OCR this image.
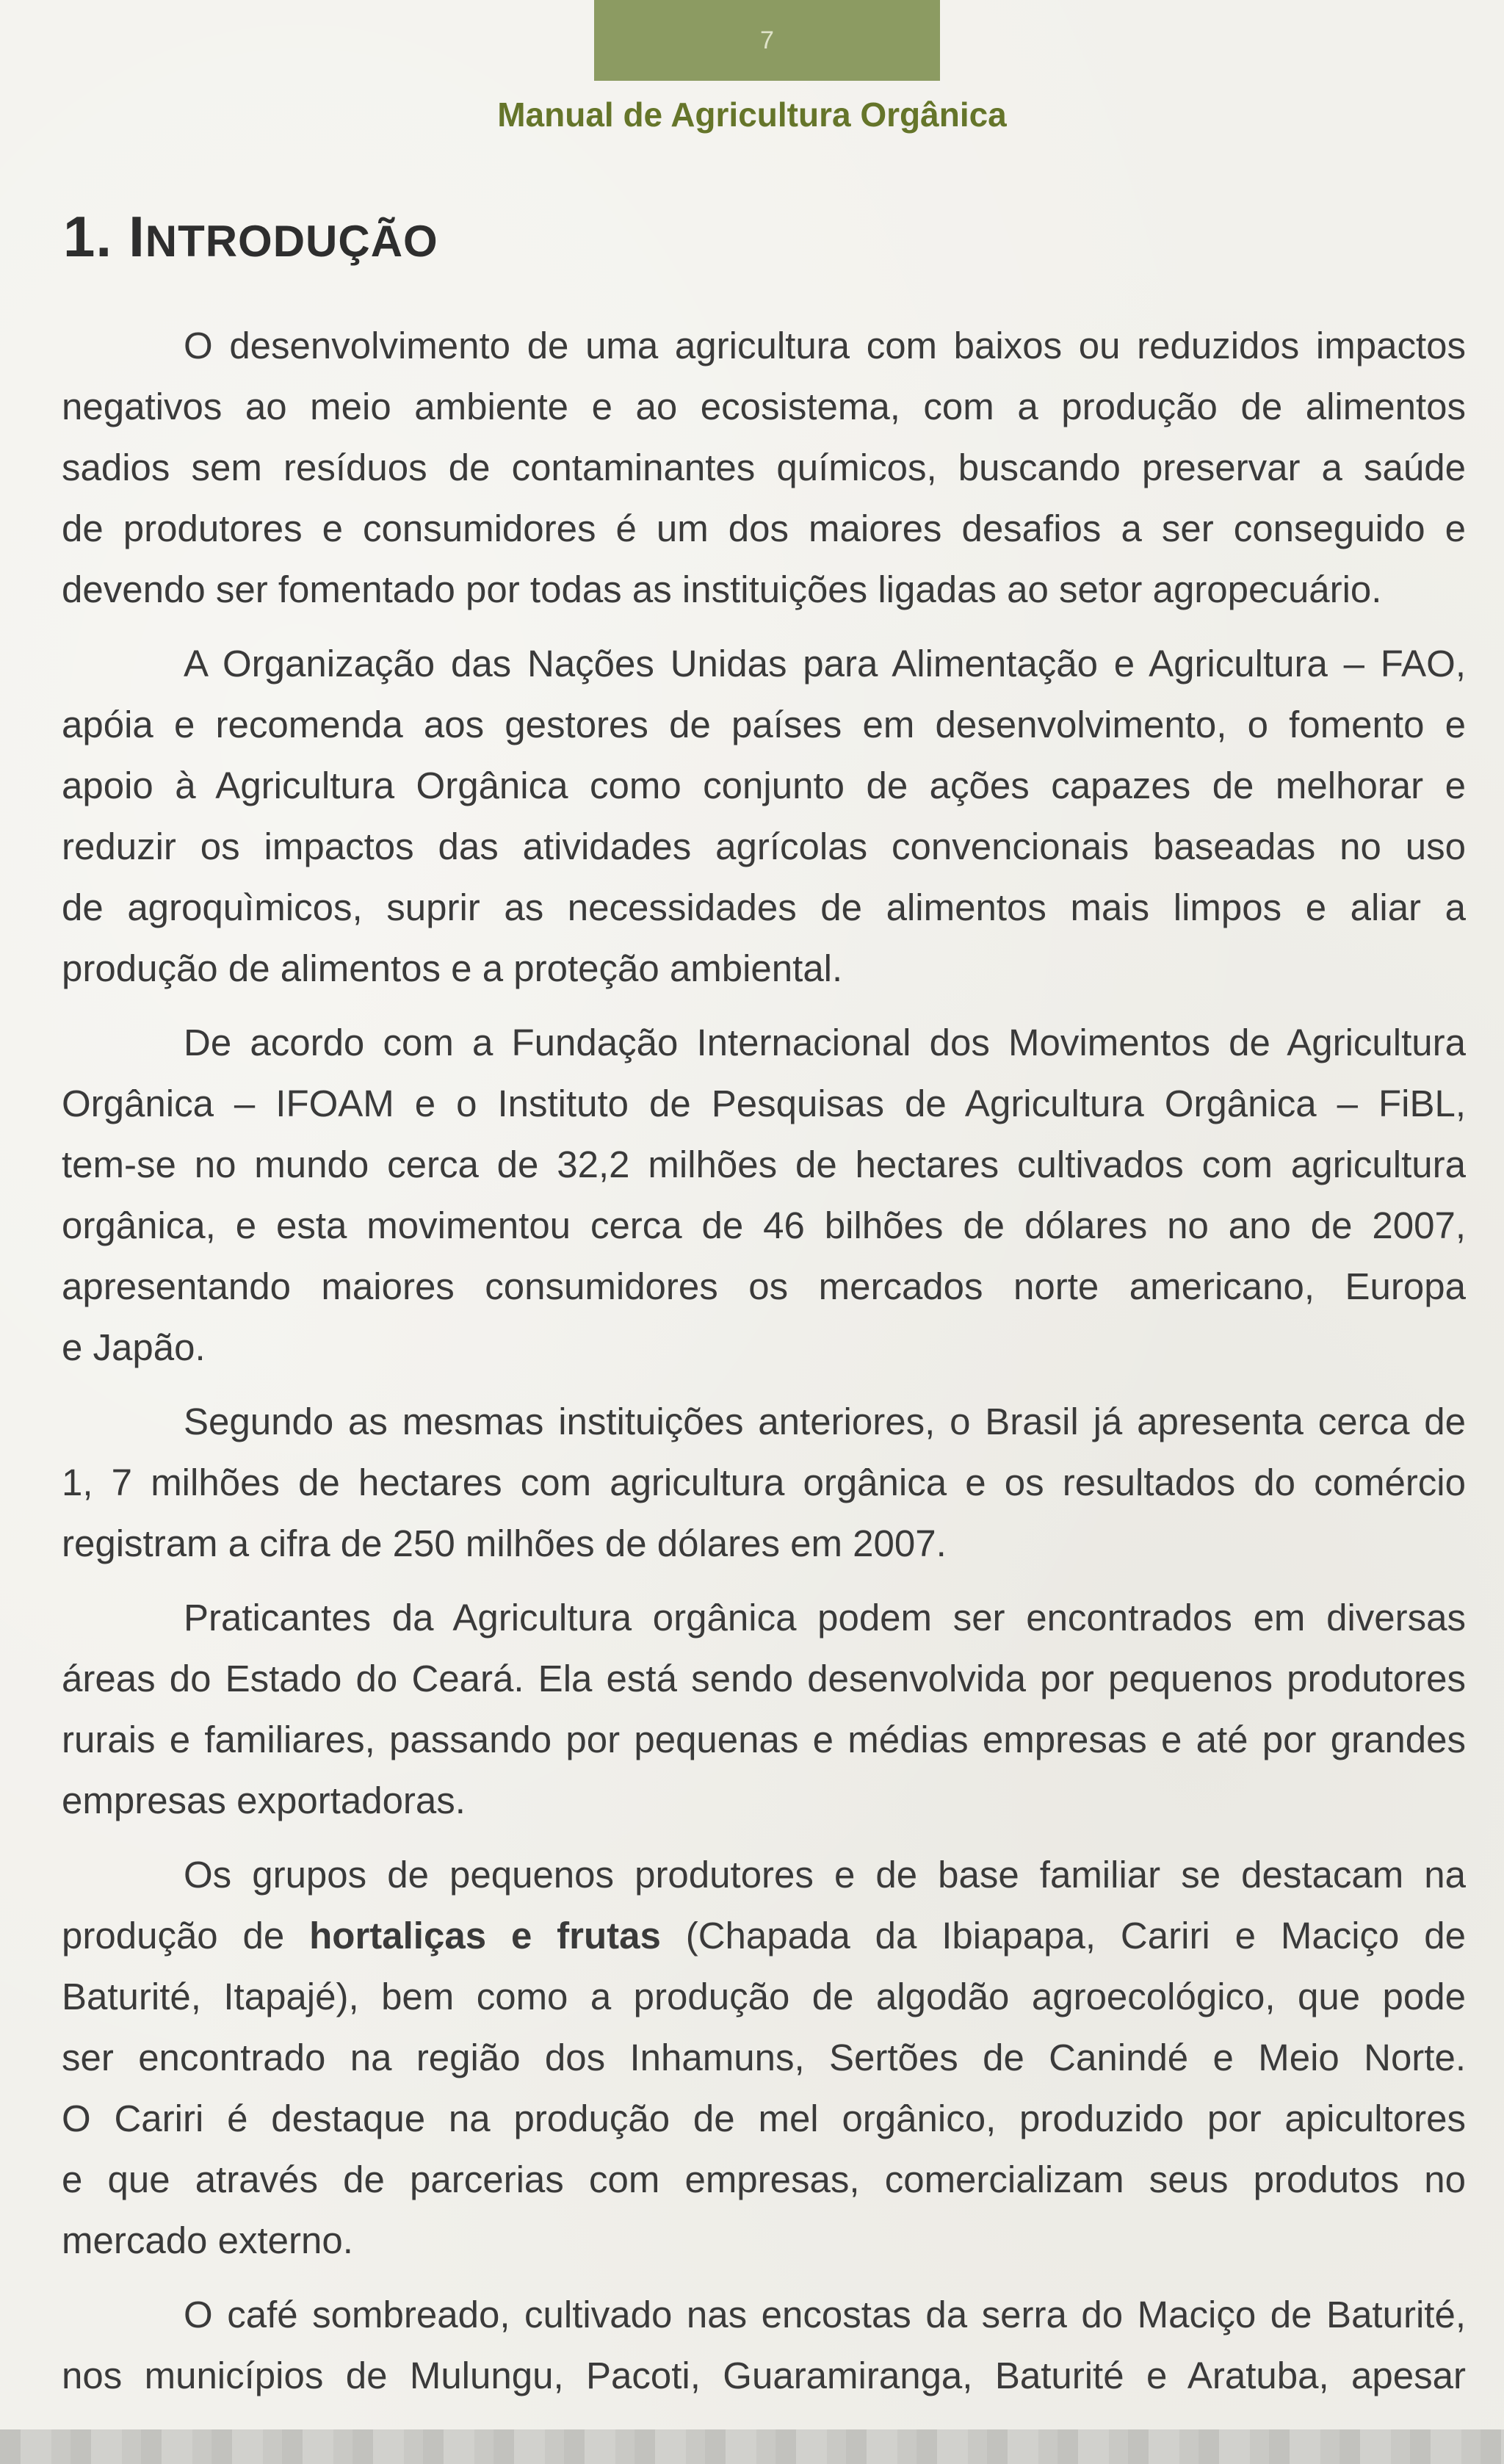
7
Manual de Agricultura Orgânica
1. INTRODUÇÃO
O desenvolvimento de uma agricultura com baixos ou reduzidos impactos
negativos ao meio ambiente e ao ecosistema, com a produção de alimentos
sadios sem resíduos de contaminantes químicos, buscando preservar a saúde
de produtores e consumidores é um dos maiores desafios a ser conseguido e
devendo ser fomentado por todas as instituições ligadas ao setor agropecuário.
A Organização das Nações Unidas para Alimentação e Agricultura – FAO,
apóia e recomenda aos gestores de países em desenvolvimento, o fomento e
apoio à Agricultura Orgânica como conjunto de ações capazes de melhorar e
reduzir os impactos das atividades agrícolas convencionais baseadas no uso
de agroquìmicos, suprir as necessidades de alimentos mais limpos e aliar a
produção de alimentos e a proteção ambiental.
De acordo com a Fundação Internacional dos Movimentos de Agricultura
Orgânica – IFOAM e o Instituto de Pesquisas de Agricultura Orgânica – FiBL,
tem-se no mundo cerca de 32,2 milhões de hectares cultivados com agricultura
orgânica, e esta movimentou cerca de 46 bilhões de dólares no ano de 2007,
apresentando maiores consumidores os mercados norte americano, Europa
e Japão.
Segundo as mesmas instituições anteriores, o Brasil já apresenta cerca de
1, 7 milhões de hectares com agricultura orgânica e os resultados do comércio
registram a cifra de 250 milhões de dólares em 2007.
Praticantes da Agricultura orgânica podem ser encontrados em diversas
áreas do Estado do Ceará. Ela está sendo desenvolvida por pequenos produtores
rurais e familiares, passando por pequenas e médias empresas e até por grandes
empresas exportadoras.
Os grupos de pequenos produtores e de base familiar se destacam na
produção de hortaliças e frutas (Chapada da Ibiapapa, Cariri e Maciço de
Baturité, Itapajé), bem como a produção de algodão agroecológico, que pode
ser encontrado na região dos Inhamuns, Sertões de Canindé e Meio Norte.
O Cariri é destaque na produção de mel orgânico, produzido por apicultores
e que através de parcerias com empresas, comercializam seus produtos no
mercado externo.
O café sombreado, cultivado nas encostas da serra do Maciço de Baturité,
nos municípios de Mulungu, Pacoti, Guaramiranga, Baturité e Aratuba, apesar
